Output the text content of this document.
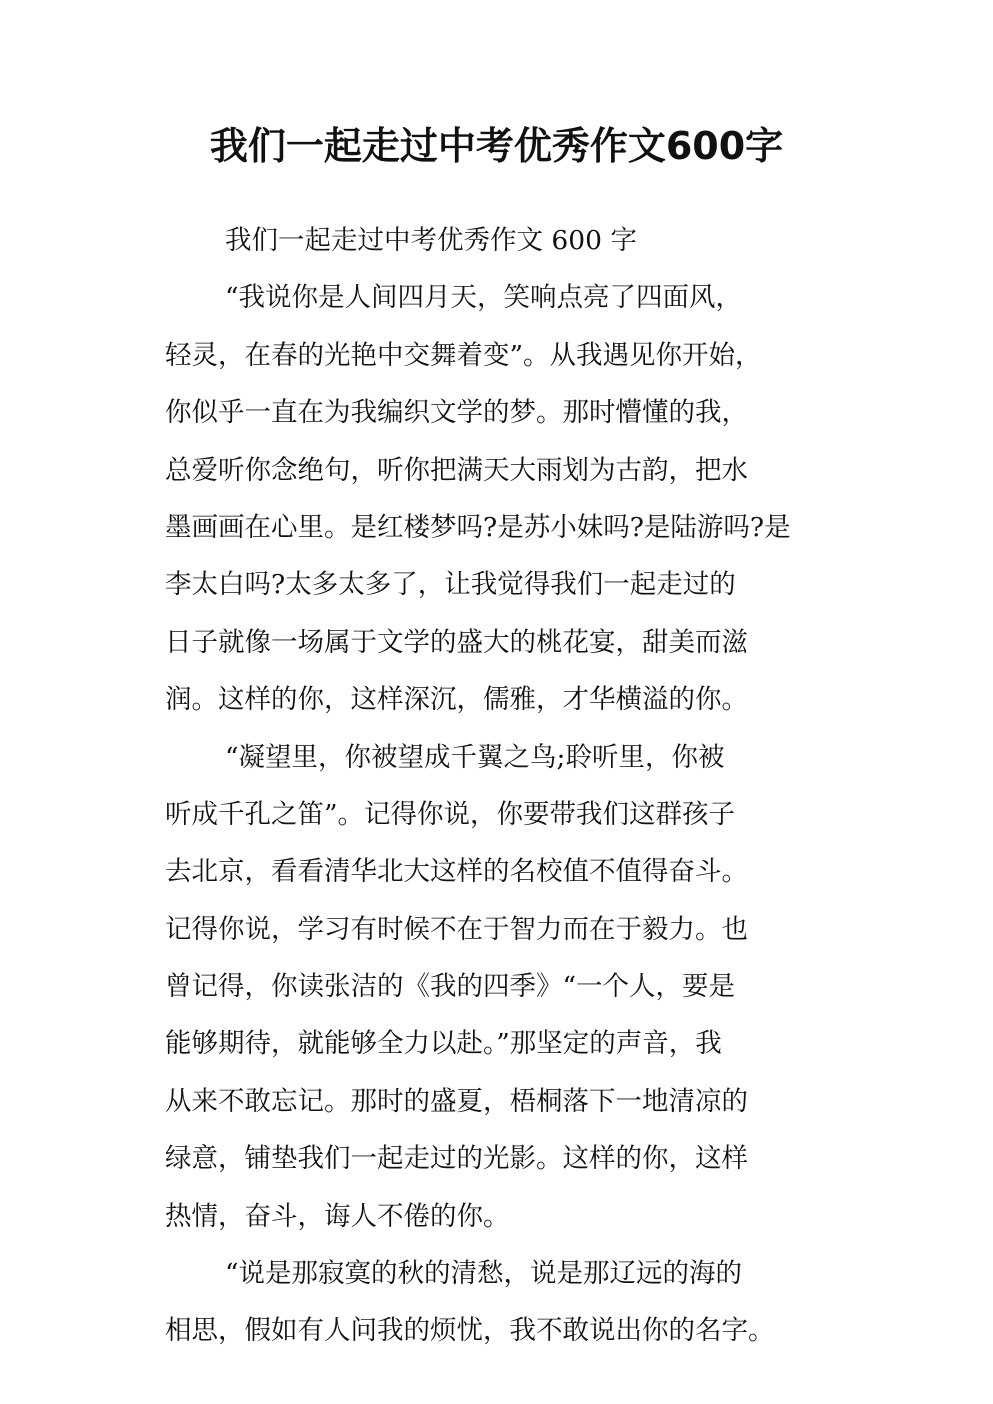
我们一起走过中考优秀作文600字
我们一起走过中考优秀作文 600 字
“我说你是人间四月天，笑响点亮了四面风，
轻灵，在春的光艳中交舞着变”。从我遇见你开始，
你似乎一直在为我编织文学的梦。那时懵懂的我，
总爱听你念绝句，听你把满天大雨划为古韵，把水
墨画画在心里。是红楼梦吗?是苏小妹吗?是陆游吗?是
李太白吗?太多太多了，让我觉得我们一起走过的
日子就像一场属于文学的盛大的桃花宴，甜美而滋
润。这样的你，这样深沉，儒雅，才华横溢的你。
“凝望里，你被望成千翼之鸟;聆听里，你被
听成千孔之笛”。记得你说，你要带我们这群孩子
去北京，看看清华北大这样的名校值不值得奋斗。
记得你说，学习有时候不在于智力而在于毅力。也
曾记得，你读张洁的《我的四季》“一个人，要是
能够期待，就能够全力以赴。”那坚定的声音，我
从来不敢忘记。那时的盛夏，梧桐落下一地清凉的
绿意，铺垫我们一起走过的光影。这样的你，这样
热情，奋斗，诲人不倦的你。
“说是那寂寞的秋的清愁，说是那辽远的海的
相思，假如有人问我的烦忧，我不敢说出你的名字。
